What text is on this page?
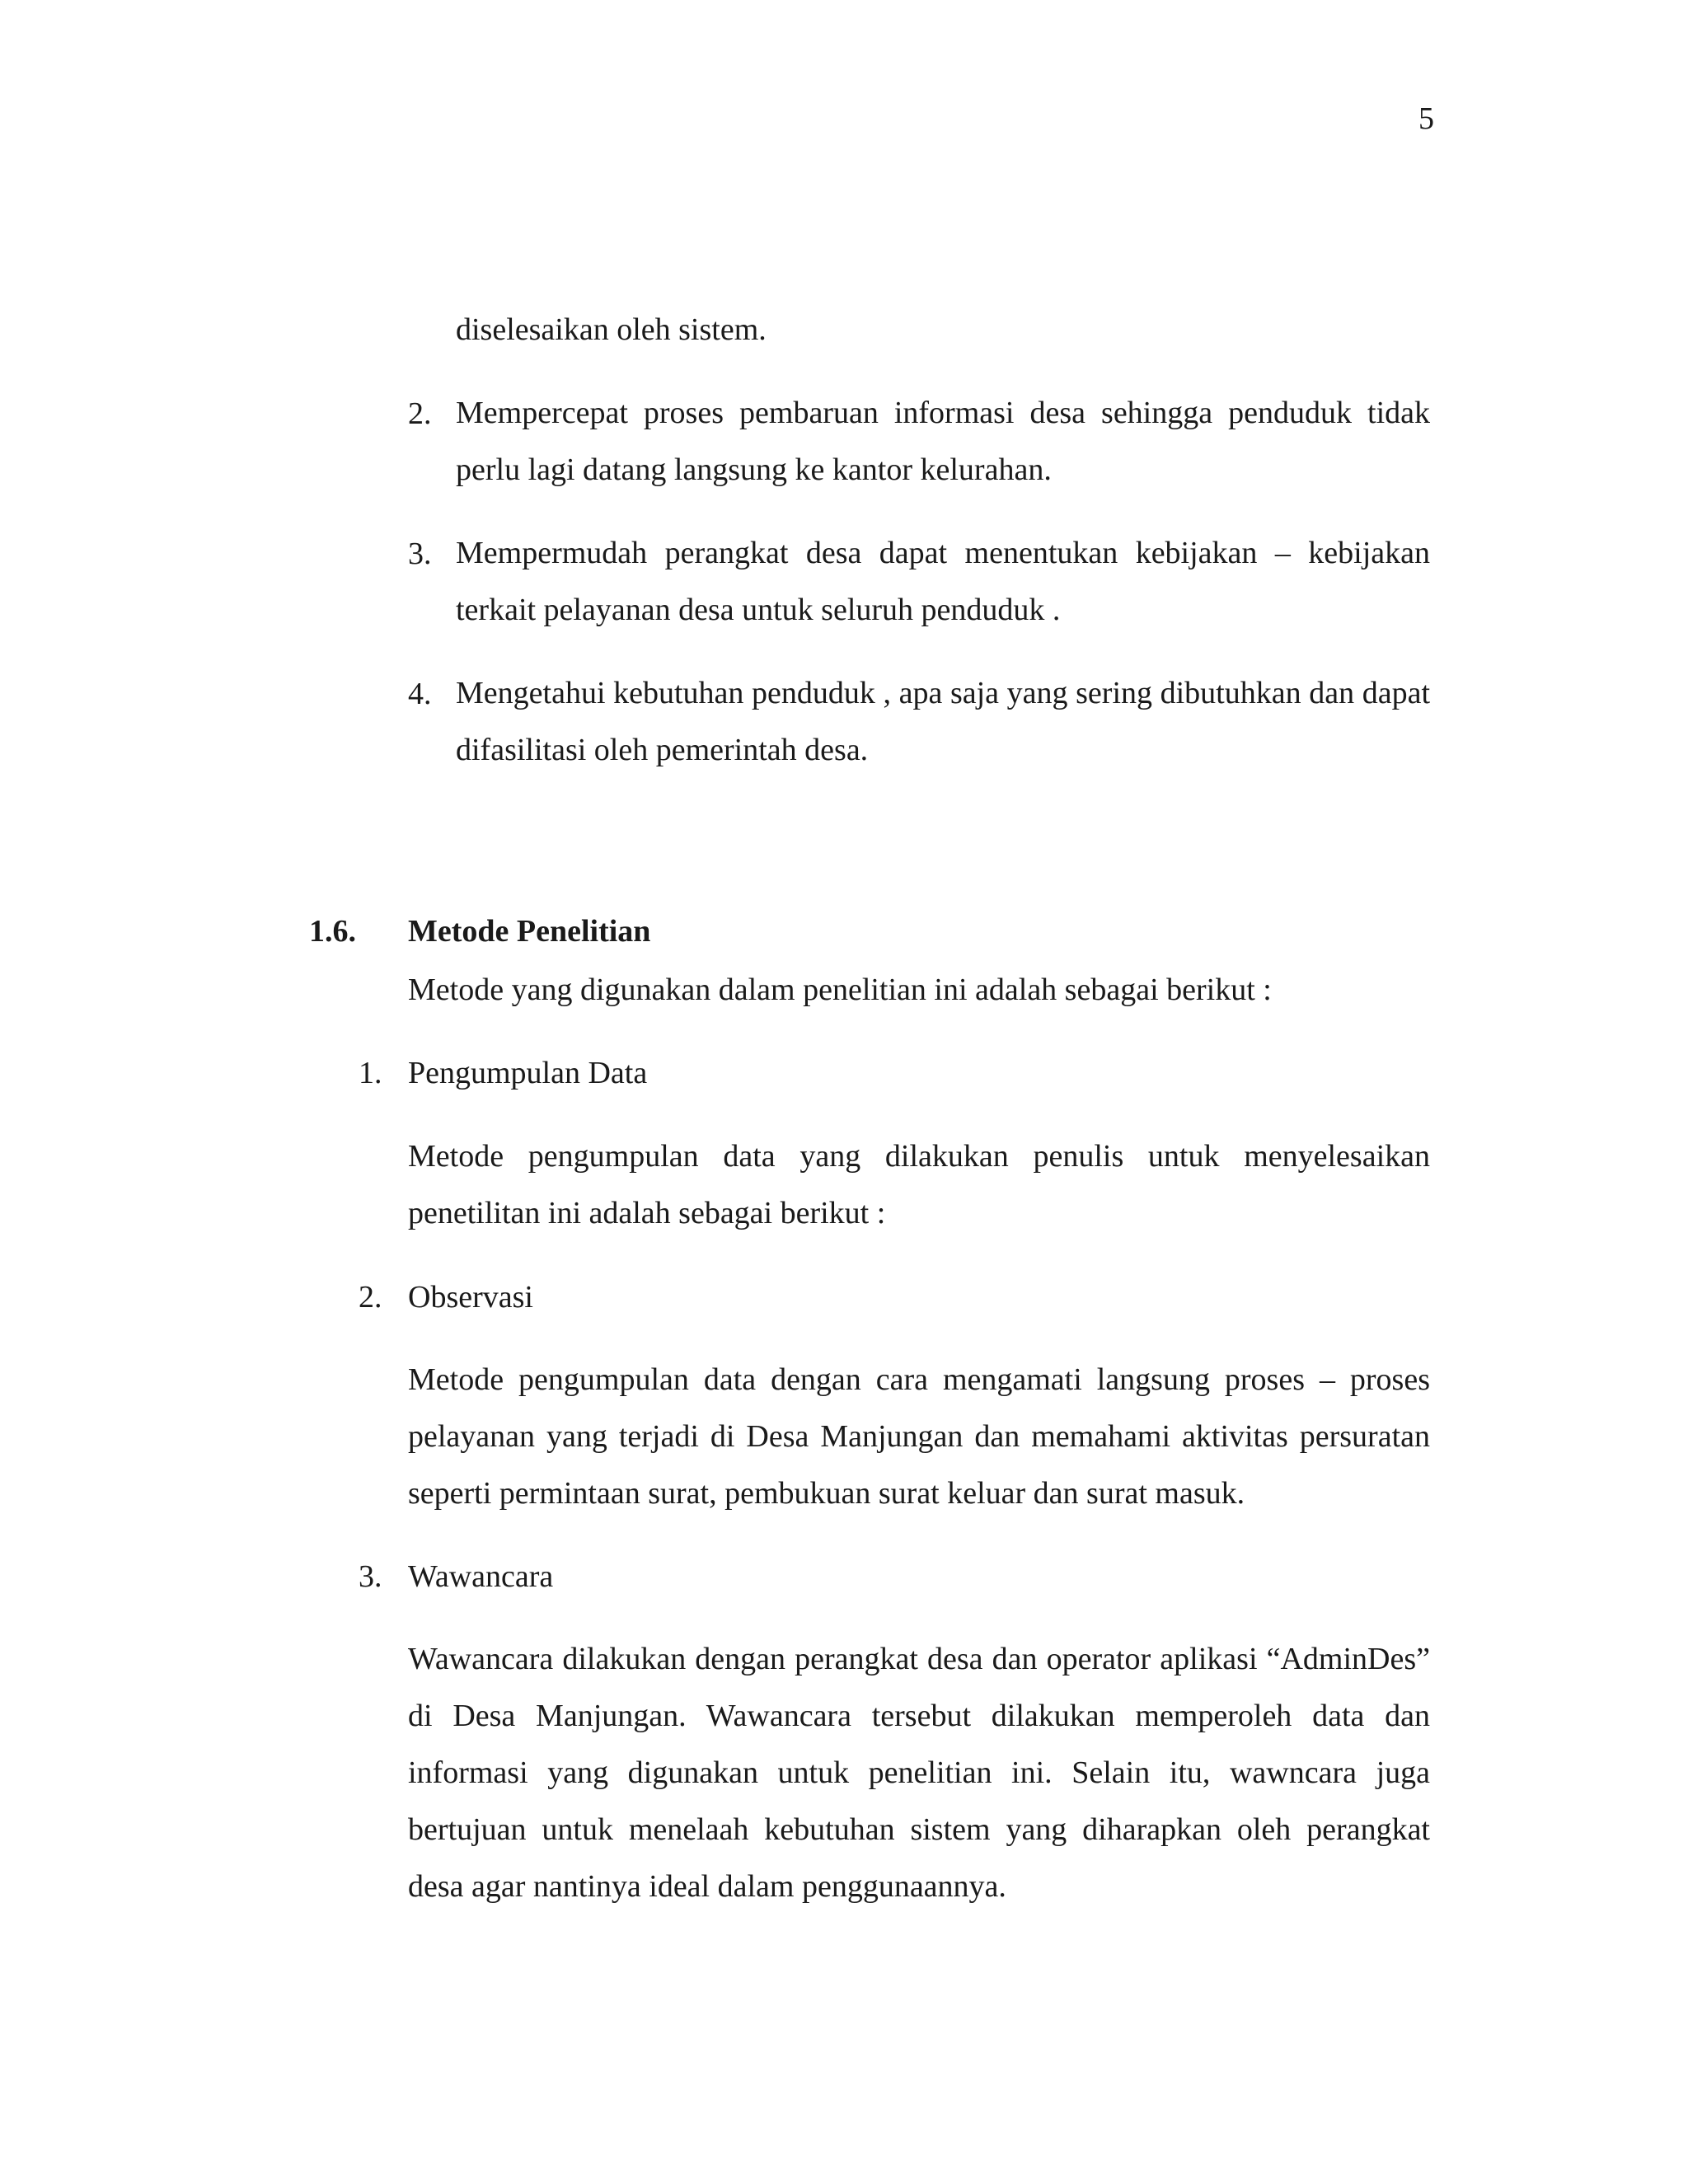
5
diselesaikan oleh sistem.
2. Mempercepat proses pembaruan informasi desa sehingga penduduk tidak perlu lagi datang langsung ke kantor kelurahan.

3. Mempermudah perangkat desa dapat menentukan kebijakan – kebijakan terkait pelayanan desa untuk seluruh penduduk .

4. Mengetahui kebutuhan penduduk , apa saja yang sering dibutuhkan dan dapat difasilitasi oleh pemerintah desa.

1.6. Metode Penelitian
Metode yang digunakan dalam penelitian ini adalah sebagai berikut :
1. Pengumpulan Data

Metode pengumpulan data yang dilakukan penulis untuk menyelesaikan penetilitan ini adalah sebagai berikut :

2. Observasi

Metode pengumpulan data dengan cara mengamati langsung proses – proses pelayanan yang terjadi di Desa Manjungan dan memahami aktivitas persuratan seperti permintaan surat, pembukuan surat keluar dan surat masuk.

3. Wawancara

Wawancara dilakukan dengan perangkat desa dan operator aplikasi “AdminDes” di Desa Manjungan. Wawancara tersebut dilakukan memperoleh data dan informasi yang digunakan untuk penelitian ini. Selain itu, wawncara juga bertujuan untuk menelaah kebutuhan sistem yang diharapkan oleh perangkat desa agar nantinya ideal dalam penggunaannya.
